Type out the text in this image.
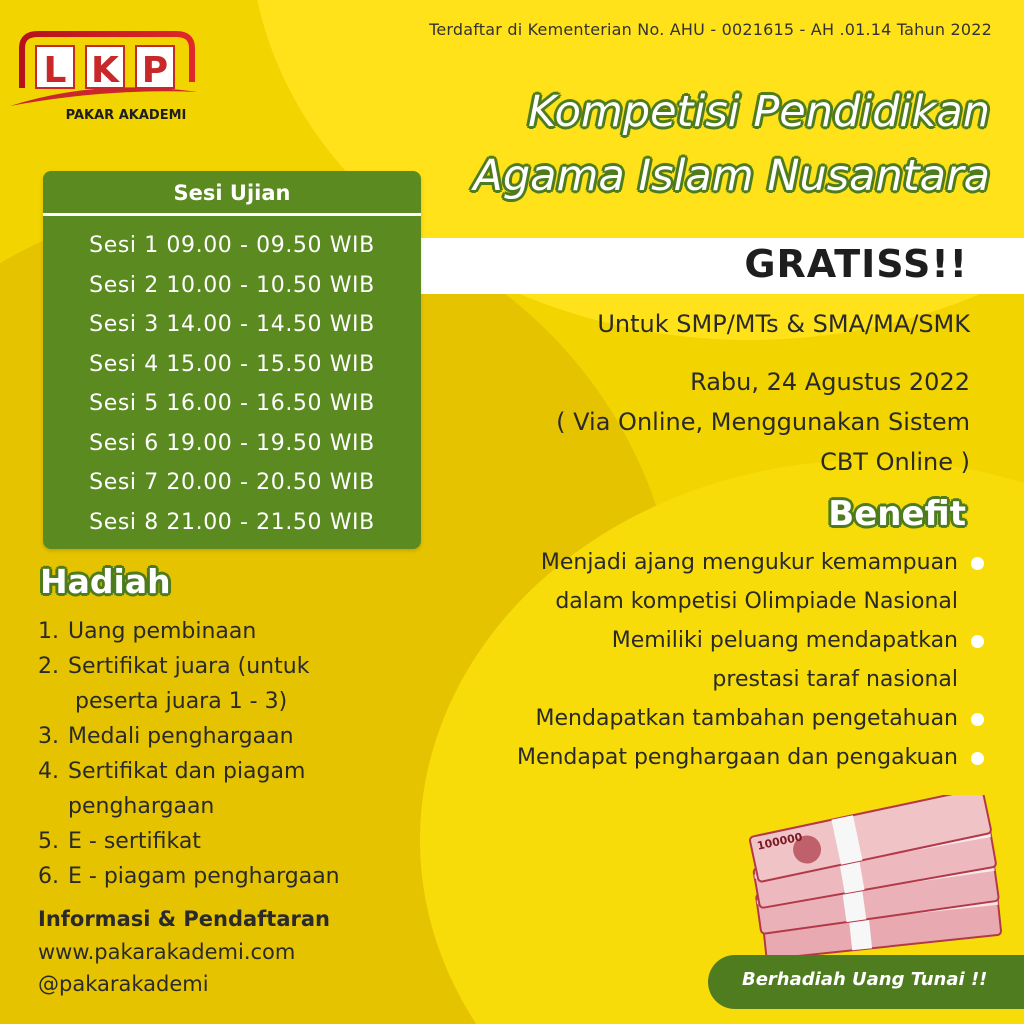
L K P
PAKAR AKADEMI
Terdaftar di Kementerian No. AHU - 0021615 - AH .01.14 Tahun 2022
Kompetisi Pendidikan
Agama Islam Nusantara
GRATISS!!
Untuk SMP/MTs & SMA/MA/SMK
Rabu, 24 Agustus 2022
( Via Online, Menggunakan Sistem
CBT Online )
Benefit
Menjadi ajang mengukur kemampuan
dalam kompetisi Olimpiade Nasional
Memiliki peluang mendapatkan
prestasi taraf nasional
Mendapatkan tambahan pengetahuan
Mendapat penghargaan dan pengakuan
Sesi Ujian
Sesi 1 09.00 - 09.50 WIB
Sesi 2 10.00 - 10.50 WIB
Sesi 3 14.00 - 14.50 WIB
Sesi 4 15.00 - 15.50 WIB
Sesi 5 16.00 - 16.50 WIB
Sesi 6 19.00 - 19.50 WIB
Sesi 7 20.00 - 20.50 WIB
Sesi 8 21.00 - 21.50 WIB
Hadiah
1. Uang pembinaan
2. Sertifikat juara (untuk
peserta juara 1 - 3)
3. Medali penghargaan
4. Sertifikat dan piagam
penghargaan
5. E - sertifikat
6. E - piagam penghargaan
Informasi & Pendaftaran
www.pakarakademi.com
@pakarakademi
100000
Berhadiah Uang Tunai !!
